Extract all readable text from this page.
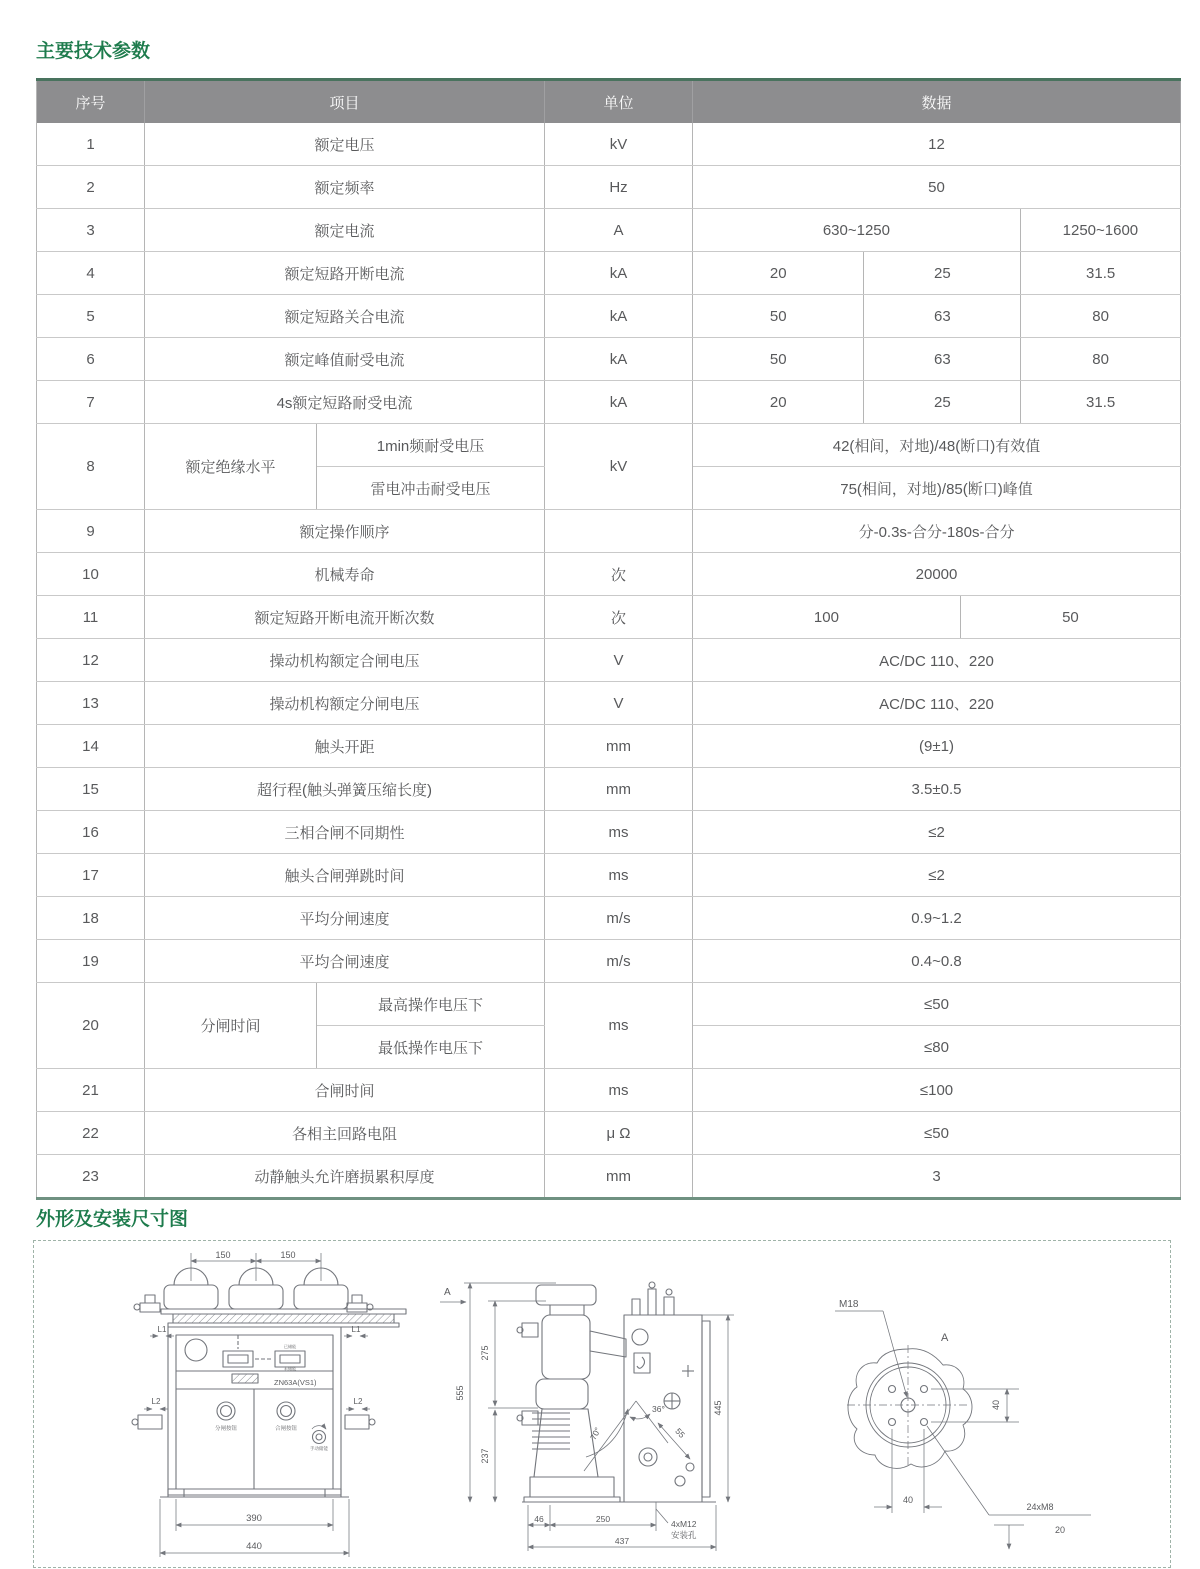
主要技术参数
序号	项目		单位	数据
1	额定电压		kV	12
2	额定频率		Hz	50
3	额定电流		A	630~1250 1250~1600

4	额定短路开断电流		kA	20 25 31.5

5	额定短路关合电流		kA	50 63 80

6	额定峰值耐受电流		kA	50 63 80

7	4s额定短路耐受电流		kA	20 25 31.5

8	额定绝缘水平	1min频耐受电压	kV	42(相间，对地)/48(断口)有效值
		雷电冲击耐受电压		75(相间，对地)/85(断口)峰值
9	额定操作顺序			分-0.3s-合分-180s-合分
10	机械寿命		次	20000
11	额定短路开断电流开断次数		次	100 50

12	操动机构额定合闸电压		V	AC/DC 110、220
13	操动机构额定分闸电压		V	AC/DC 110、220
14	触头开距		mm	(9±1)
15	超行程(触头弹簧压缩长度)		mm	3.5±0.5
16	三相合闸不同期性		ms	≤2
17	触头合闸弹跳时间		ms	≤2
18	平均分闸速度		m/s	0.9~1.2
19	平均合闸速度		m/s	0.4~0.8
20	分闸时间	最高操作电压下	ms	≤50
		最低操作电压下		≤80
21	合闸时间		ms	≤100
22	各相主回路电阻		μ Ω	≤50
23	动静触头允许磨损累积厚度		mm	3
外形及安装尺寸图
150	150
L1	L1
L2	L2
ZN63A(VS1)
已储能
未储能
分闸按钮	合闸按钮
手动储能
390
440
A
555
275
237
445
70°
36°
55
46	250	4xM12
安装孔
437
M18
A
40
40
24xM8
20
